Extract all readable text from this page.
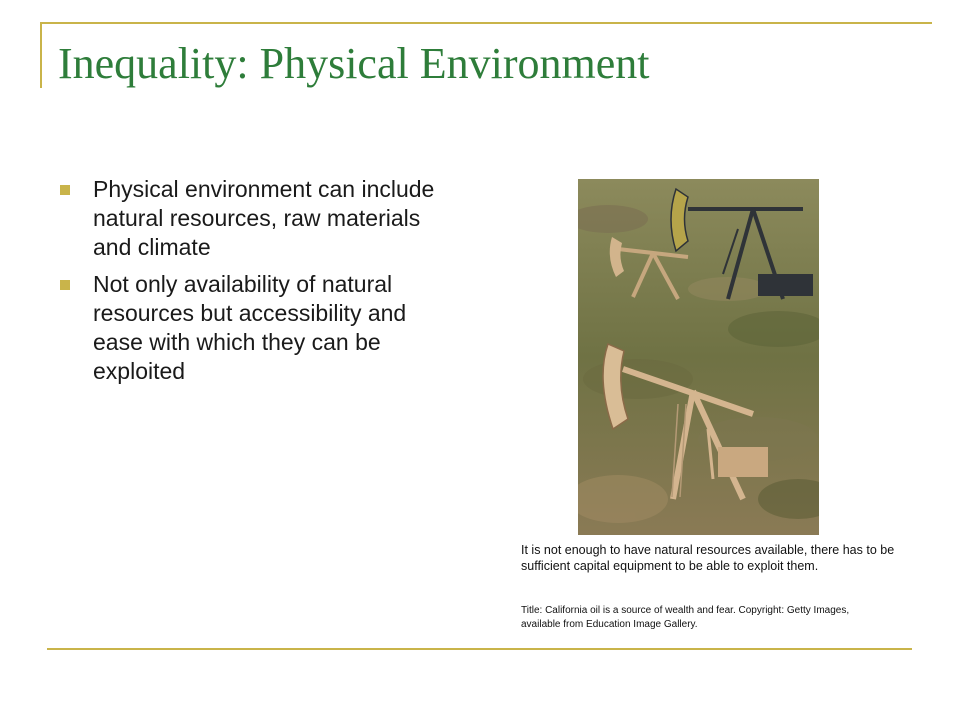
Inequality: Physical Environment
Physical environment can include natural resources, raw materials and climate
Not only availability of natural resources but accessibility and ease with which they can be exploited

It is not enough to have natural resources available, there has to be sufficient capital equipment to be able to exploit them.

Title: California oil is a source of wealth and fear. Copyright: Getty Images, available from Education Image Gallery.
